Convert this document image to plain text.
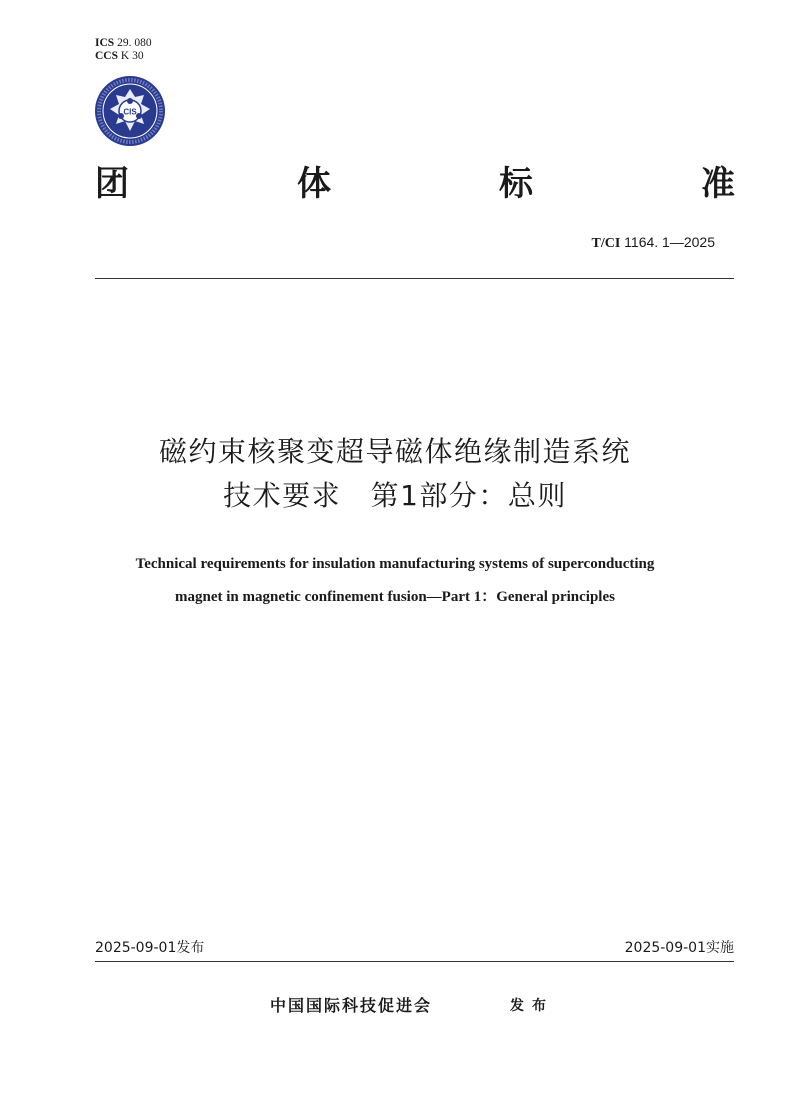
ICS 29. 080
CCS K 30
CIS
团	体	标	准
T/CI 1164. 1—2025
磁约束核聚变超导磁体绝缘制造系统
技术要求　第1部分：总则
Technical requirements for insulation manufacturing systems of superconducting
magnet in magnetic confinement fusion—Part 1：General principles
2025-09-01发布	2025-09-01实施
中国国际科技促进会	发布
